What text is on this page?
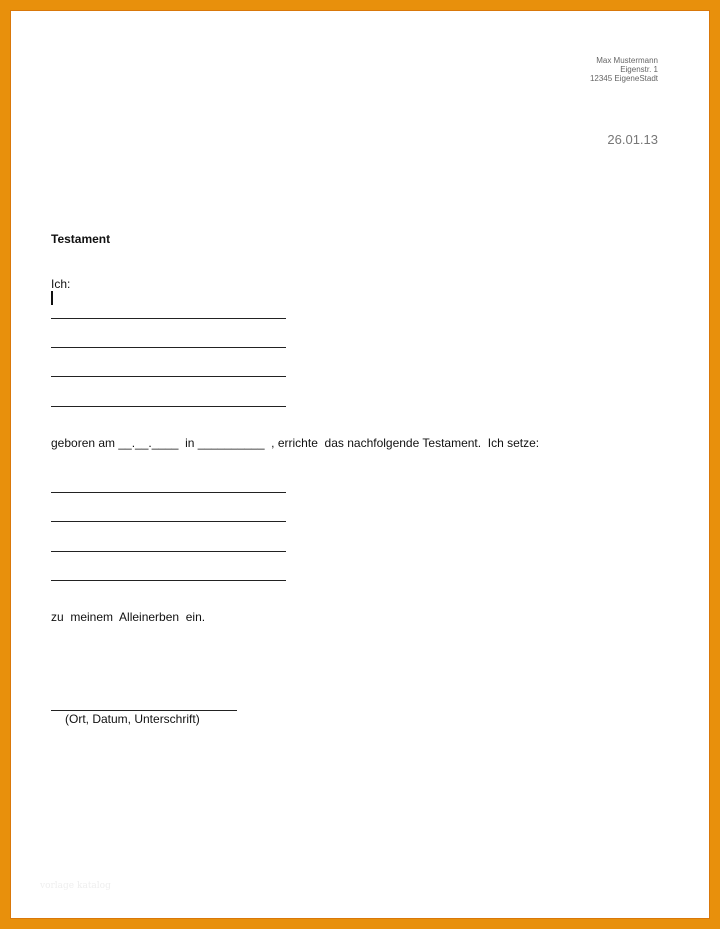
Max Mustermann
Eigenstr. 1
12345 EigeneStadt
26.01.13
Testament
Ich:
geboren am __.__.____  in __________  , errichte  das nachfolgende Testament.  Ich setze:
zu  meinem  Alleinerben  ein.
(Ort, Datum, Unterschrift)
vorlage katalog
